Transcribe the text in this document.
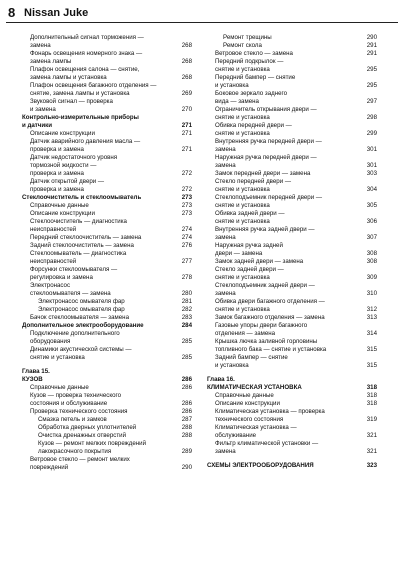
8 Nissan Juke
Дополнительный сигнал торможения —
замена	268
Фонарь освещения номерного знака —
замена лампы	268
Плафон освещения салона — снятие,
замена лампы и установка	268
Плафон освещения багажного отделения —
снятие, замена лампы и установка	269
Звуковой сигнал — проверка
и замена	270
Контрольно-измерительные приборы
и датчики	271
Описание конструкции	271
Датчик аварийного давления масла —
проверка и замена	271
Датчик недостаточного уровня
тормозной жидкости —
проверка и замена	272
Датчик открытой двери —
проверка и замена	272
Стеклоочиститель и стеклоомыватель	273
Справочные данные	273
Описание конструкции	273
Стеклоочиститель — диагностика
неисправностей	274
Передний стеклоочиститель — замена	274
Задний стеклоочиститель — замена	276
Стеклоомыватель — диагностика
неисправностей	277
Форсунки стеклоомывателя —
регулировка и замена	278
Электронасос
стеклоомывателя — замена	280
Электронасос омывателя фар	281
Электронасос омывателя фар	282
Бачок стеклоомывателя — замена	283
Дополнительное электрооборудование	284
Подключение дополнительного
оборудования	285
Динамики акустической системы —
снятие и установка	285
Глава 15.
КУЗОВ	286
Справочные данные	286
Кузов — проверка технического
состояния и обслуживание	286
Проверка технического состояния	286
Смазка петель и замков	287
Обработка дверных уплотнителей	288
Очистка дренажных отверстий	288
Кузов — ремонт мелких повреждений
лакокрасочного покрытия	289
Ветровое стекло — ремонт мелких
повреждений	290
Ремонт трещины	290
Ремонт скола	291
Ветровое стекло — замена	291
Передний подкрылок —
снятие и установка	295
Передний бампер — снятие
и установка	295
Боковое зеркало заднего
вида — замена	297
Ограничитель открывания двери —
снятие и установка	298
Обивка передней двери —
снятие и установка	299
Внутренняя ручка передней двери —
замена	301
Наружная ручка передней двери —
замена	301
Замок передней двери — замена	303
Стекло передней двери —
снятие и установка	304
Стеклоподъемник передней двери —
снятие и установка	305
Обивка задней двери —
снятие и установка	306
Внутренняя ручка задней двери —
замена	307
Наружная ручка задней
двери — замена	308
Замок задней двери — замена	308
Стекло задней двери —
снятие и установка	309
Стеклоподъемник задней двери —
замена	310
Обивка двери багажного отделения —
снятие и установка	312
Замок багажного отделения — замена	313
Газовые упоры двери багажного
отделения — замена	314
Крышка лючка заливной горловины
топливного бака — снятие и установка	315
Задний бампер — снятие
и установка	315
Глава 16.
КЛИМАТИЧЕСКАЯ УСТАНОВКА	318
Справочные данные	318
Описание конструкции	318
Климатическая установка — проверка
технического состояния	319
Климатическая установка —
обслуживание	321
Фильтр климатической установки —
замена	321
СХЕМЫ ЭЛЕКТРООБОРУДОВАНИЯ	323
